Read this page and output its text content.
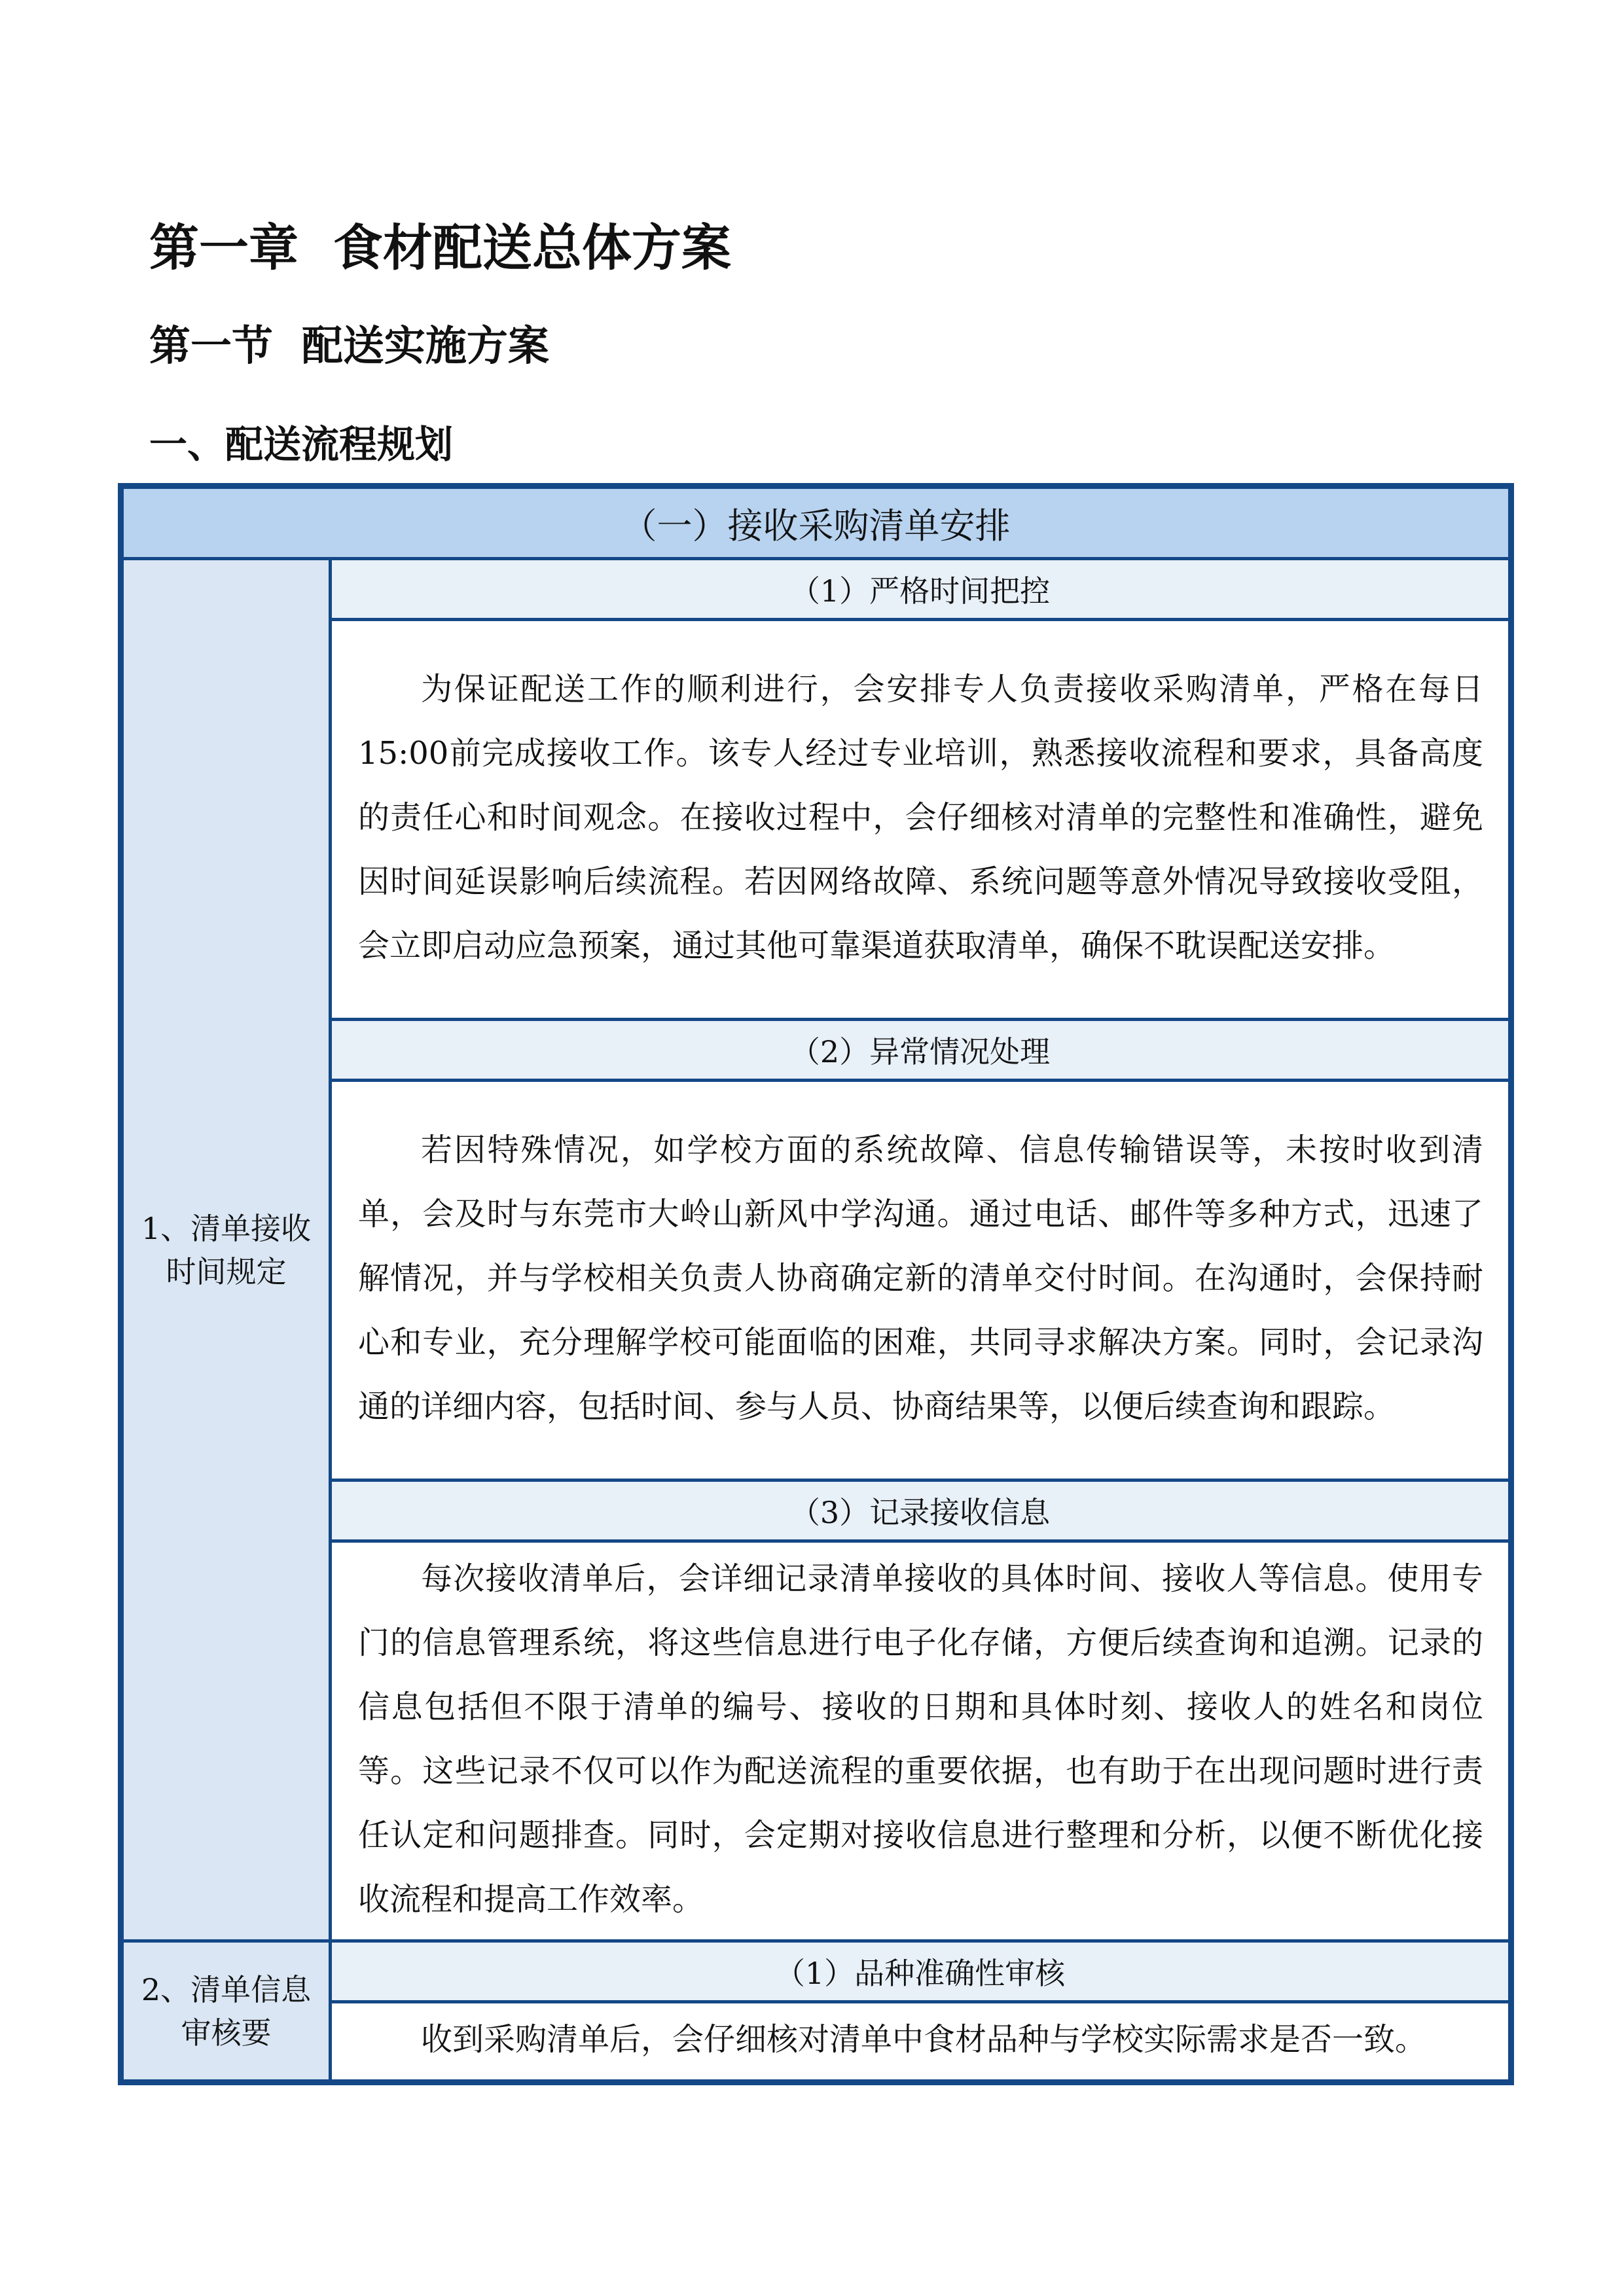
第一章  食材配送总体方案
第一节  配送实施方案
一、配送流程规划
（一）接收采购清单安排	
1、清单接收时间规定	（1）严格时间把控

	为保证配送工作的顺利进行，会安排专人负责接收采购清单，严格在每日15:00前完成接收工作。该专人经过专业培训，熟悉接收流程和要求，具备高度的责任心和时间观念。在接收过程中，会仔细核对清单的完整性和准确性，避免因时间延误影响后续流程。若因网络故障、系统问题等意外情况导致接收受阻，会立即启动应急预案，通过其他可靠渠道获取清单，确保不耽误配送安排。

	（2）异常情况处理

	若因特殊情况，如学校方面的系统故障、信息传输错误等，未按时收到清单，会及时与东莞市大岭山新风中学沟通。通过电话、邮件等多种方式，迅速了解情况，并与学校相关负责人协商确定新的清单交付时间。在沟通时，会保持耐心和专业，充分理解学校可能面临的困难，共同寻求解决方案。同时，会记录沟通的详细内容，包括时间、参与人员、协商结果等，以便后续查询和跟踪。

	（3）记录接收信息

	每次接收清单后，会详细记录清单接收的具体时间、接收人等信息。使用专门的信息管理系统，将这些信息进行电子化存储，方便后续查询和追溯。记录的信息包括但不限于清单的编号、接收的日期和具体时刻、接收人的姓名和岗位等。这些记录不仅可以作为配送流程的重要依据，也有助于在出现问题时进行责任认定和问题排查。同时，会定期对接收信息进行整理和分析，以便不断优化接收流程和提高工作效率。

2、清单信息审核要	（1）品种准确性审核

	收到采购清单后，会仔细核对清单中食材品种与学校实际需求是否一致。
